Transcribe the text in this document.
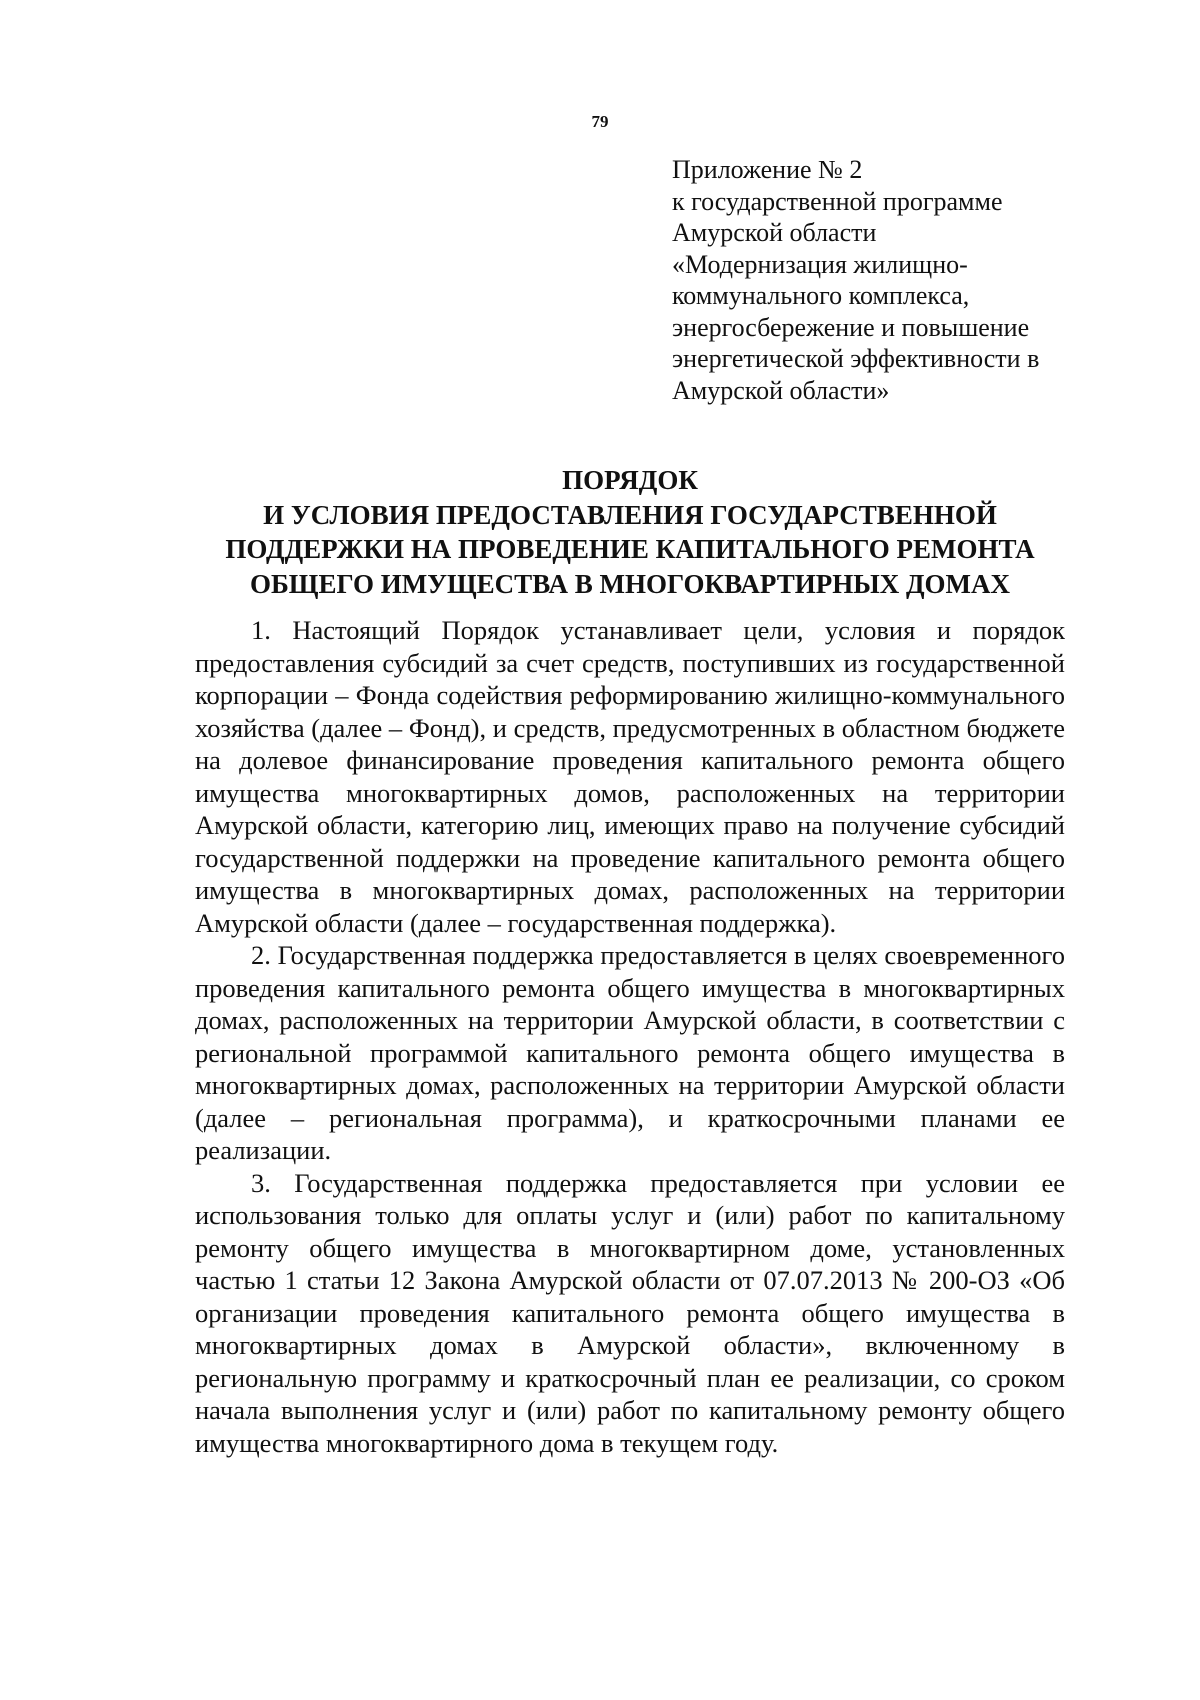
79
Приложение № 2
к государственной программе
Амурской области
«Модернизация жилищно-
коммунального комплекса,
энергосбережение и повышение
энергетической эффективности в
Амурской области»
ПОРЯДОК
И УСЛОВИЯ ПРЕДОСТАВЛЕНИЯ ГОСУДАРСТВЕННОЙ
ПОДДЕРЖКИ НА ПРОВЕДЕНИЕ КАПИТАЛЬНОГО РЕМОНТА
ОБЩЕГО ИМУЩЕСТВА В МНОГОКВАРТИРНЫХ ДОМАХ

1. Настоящий Порядок устанавливает цели, условия и порядок предоставления субсидий за счет средств, поступивших из государственной корпорации – Фонда содействия реформированию жилищно-коммунального хозяйства (далее – Фонд), и средств, предусмотренных в областном бюджете на долевое финансирование проведения капитального ремонта общего имущества многоквартирных домов, расположенных на территории Амурской области, категорию лиц, имеющих право на получение субсидий государственной поддержки на проведение капитального ремонта общего имущества в многоквартирных домах, расположенных на территории Амурской области (далее – государственная поддержка).

2. Государственная поддержка предоставляется в целях своевременного проведения капитального ремонта общего имущества в многоквартирных домах, расположенных на территории Амурской области, в соответствии с региональной программой капитального ремонта общего имущества в многоквартирных домах, расположенных на территории Амурской области (далее – региональная программа), и краткосрочными планами ее реализации.

3. Государственная поддержка предоставляется при условии ее использования только для оплаты услуг и (или) работ по капитальному ремонту общего имущества в многоквартирном доме, установленных частью 1 статьи 12 Закона Амурской области от 07.07.2013 № 200-ОЗ «Об организации проведения капитального ремонта общего имущества в многоквартирных домах в Амурской области», включенному в региональную программу и краткосрочный план ее реализации, со сроком начала выполнения услуг и (или) работ по капитальному ремонту общего имущества многоквартирного дома в текущем году.
